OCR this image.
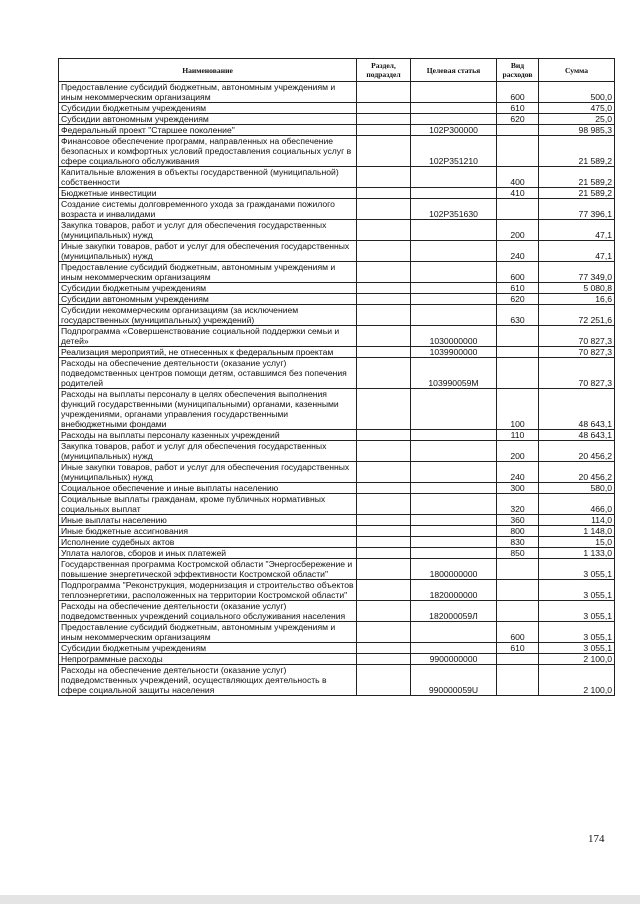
Наименование	Раздел, подраздел	Целевая статья	Вид расходов	Сумма
Предоставление субсидий бюджетным, автономным учреждениям и иным некоммерческим организациям			600	500,0
Субсидии бюджетным учреждениям			610	475,0
Субсидии автономным учреждениям			620	25,0
Федеральный проект "Старшее поколение"		102P300000		98 985,3
Финансовое обеспечение программ, направленных на обеспечение безопасных и комфортных условий предоставления социальных услуг в сфере социального обслуживания		102P351210		21 589,2
Капитальные вложения в объекты государственной (муниципальной) собственности			400	21 589,2
Бюджетные инвестиции			410	21 589,2
Создание системы долговременного ухода за гражданами пожилого возраста и инвалидами		102P351630		77 396,1
Закупка товаров, работ и услуг для обеспечения государственных (муниципальных) нужд			200	47,1
Иные закупки товаров, работ и услуг для обеспечения государственных (муниципальных) нужд			240	47,1
Предоставление субсидий бюджетным, автономным учреждениям и иным некоммерческим организациям			600	77 349,0
Субсидии бюджетным учреждениям			610	5 080,8
Субсидии автономным учреждениям			620	16,6
Субсидии некоммерческим организациям (за исключением государственных (муниципальных) учреждений)			630	72 251,6
Подпрограмма «Совершенствование социальной поддержки семьи и детей»		1030000000		70 827,3
Реализация мероприятий, не отнесенных к федеральным проектам		1039900000		70 827,3
Расходы на обеспечение деятельности (оказание услуг) подведомственных центров помощи детям, оставшимся без попечения родителей		103990059M		70 827,3
Расходы на выплаты персоналу в целях обеспечения выполнения функций государственными (муниципальными) органами, казенными учреждениями, органами управления государственными внебюджетными фондами			100	48 643,1
Расходы на выплаты персоналу казенных учреждений			110	48 643,1
Закупка товаров, работ и услуг для обеспечения государственных (муниципальных) нужд			200	20 456,2
Иные закупки товаров, работ и услуг для обеспечения государственных (муниципальных) нужд			240	20 456,2
Социальное обеспечение и иные выплаты населению			300	580,0
Социальные выплаты гражданам, кроме публичных нормативных социальных выплат			320	466,0
Иные выплаты населению			360	114,0
Иные бюджетные ассигнования			800	1 148,0
Исполнение судебных актов			830	15,0
Уплата налогов, сборов и иных платежей			850	1 133,0
Государственная программа Костромской области "Энергосбережение и повышение энергетической эффективности Костромской области"		1800000000		3 055,1
Подпрограмма "Реконструкция, модернизация и строительство объектов теплоэнергетики, расположенных на территории Костромской области"		1820000000		3 055,1
Расходы на обеспечение деятельности (оказание услуг) подведомственных учреждений социального обслуживания населения		182000059Л		3 055,1
Предоставление субсидий бюджетным, автономным учреждениям и иным некоммерческим организациям			600	3 055,1
Субсидии бюджетным учреждениям			610	3 055,1
Непрограммные расходы		9900000000		2 100,0
Расходы на обеспечение деятельности (оказание услуг) подведомственных учреждений, осуществляющих деятельность в сфере социальной защиты населения		990000059U		2 100,0
174
